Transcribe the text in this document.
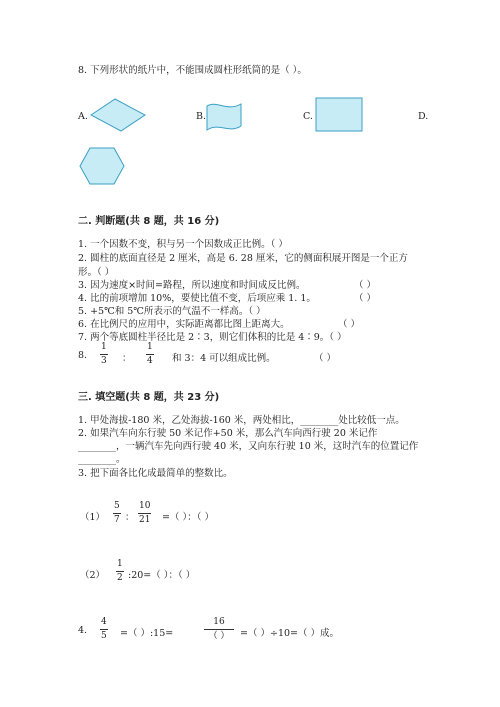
8. 下列形状的纸片中，不能围成圆柱形纸筒的是（ ）。
A.	B.	C.	D.
二. 判断题(共 8 题，共 16 分)
1. 一个因数不变，积与另一个因数成正比例。（ ）
2. 圆柱的底面直径是 2 厘米，高是 6. 28 厘米，它的侧面积展开图是一个正方
形。（ ）
3. 因为速度×时间=路程，所以速度和时间成反比例。	（ ）
4. 比的前项增加 10%，要使比值不变，后项应乘 1. 1。	（ ）
5. +5℃和 5℃所表示的气温不一样高。（ ）
6. 在比例尺的应用中，实际距离都比图上距离大。	（ ）
7. 两个等底圆柱半径比是 2∶3，则它们体积的比是 4∶9。（ ）
8.
1
3 ：
1
4 和 3：4 可以组成比例。	（ ）
三. 填空题(共 8 题，共 23 分)
1. 甲处海拔-180 米，乙处海拔-160 米，两处相比，________处比较低一点。
2. 如果汽车向东行驶 50 米记作+50 米，那么汽车向西行驶 20 米记作
________，一辆汽车先向西行驶 40 米，又向东行驶 10 米，这时汽车的位置记作
________。
3. 把下面各比化成最简单的整数比。
（1）
5
7 ：
10
21 =（ ）：（ ）
（2）
1
2 :20=（ ）：（ ）
4.
4
5 =（ ）:15=
16
（ ） =（ ）÷10=（ ）成。
